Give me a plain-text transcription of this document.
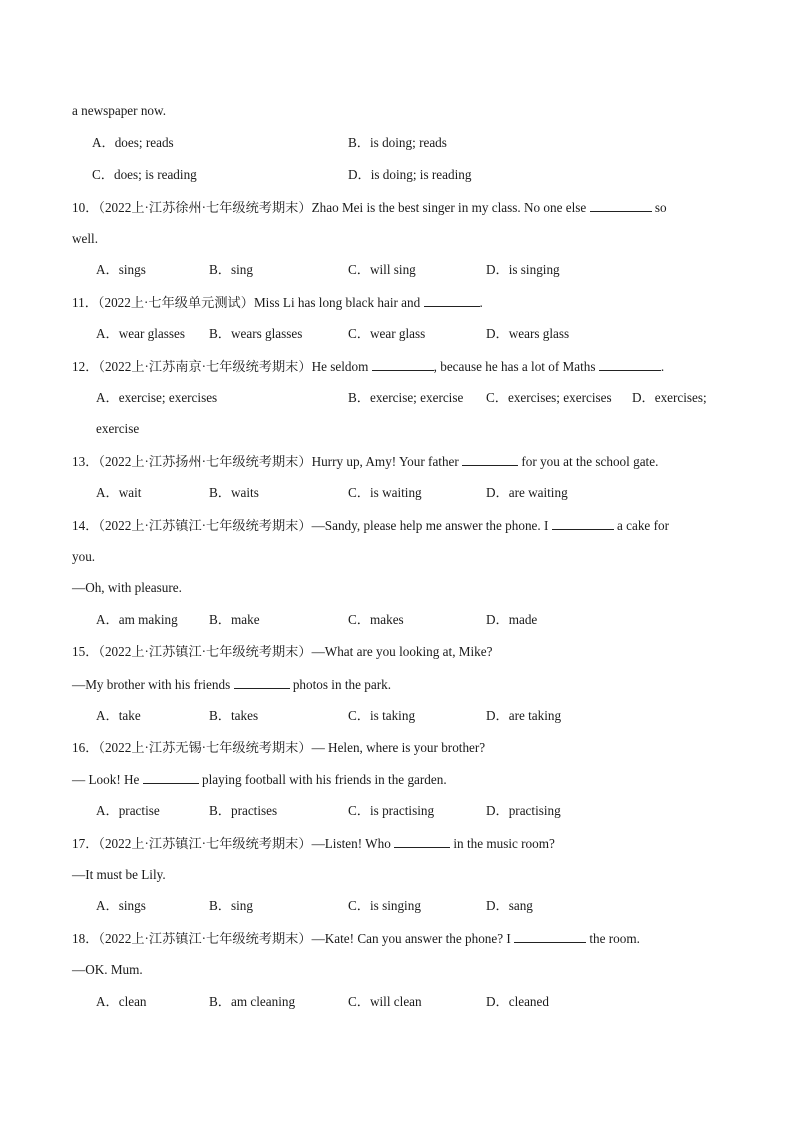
a newspaper now.
A．does; reads	B．is doing; reads
C．does; is reading	D．is doing; is reading
10．（2022上·江苏徐州·七年级统考期末）Zhao Mei is the best singer in my class. No one else	so
well.
A．sings	B．sing	C．will sing	D．is singing
11．（2022上·七年级单元测试）Miss Li has long black hair and	.
A．wear glasses B．wears glasses	C．wear glass	D．wears glass
12．（2022上·江苏南京·七年级统考期末）He seldom	, because he has a lot of Maths	.
A．exercise; exercises	B．exercise; exercise C．exercises; exercises D．exercises;
exercise
13．（2022上·江苏扬州·七年级统考期末）Hurry up, Amy! Your father	for you at the school gate.
A．wait	B．waits	C．is waiting	D．are waiting
14．（2022上·江苏镇江·七年级统考期末）—Sandy, please help me answer the phone. I	a cake for
you.
—Oh, with pleasure.
A．am making B．make	C．makes	D．made
15．（2022上·江苏镇江·七年级统考期末）—What are you looking at, Mike?
—My brother with his friends	photos in the park.
A．take	B．takes	C．is taking	D．are taking
16．（2022上·江苏无锡·七年级统考期末）— Helen, where is your brother?
— Look! He	playing football with his friends in the garden.
A．practise	B．practises	C．is practising	D．practising
17．（2022上·江苏镇江·七年级统考期末）—Listen! Who	in the music room?
—It must be Lily.
A．sings	B．sing	C．is singing	D．sang
18．（2022上·江苏镇江·七年级统考期末）—Kate! Can you answer the phone? I	the room.
—OK. Mum.
A．clean	B．am cleaning	C．will clean	D．cleaned
